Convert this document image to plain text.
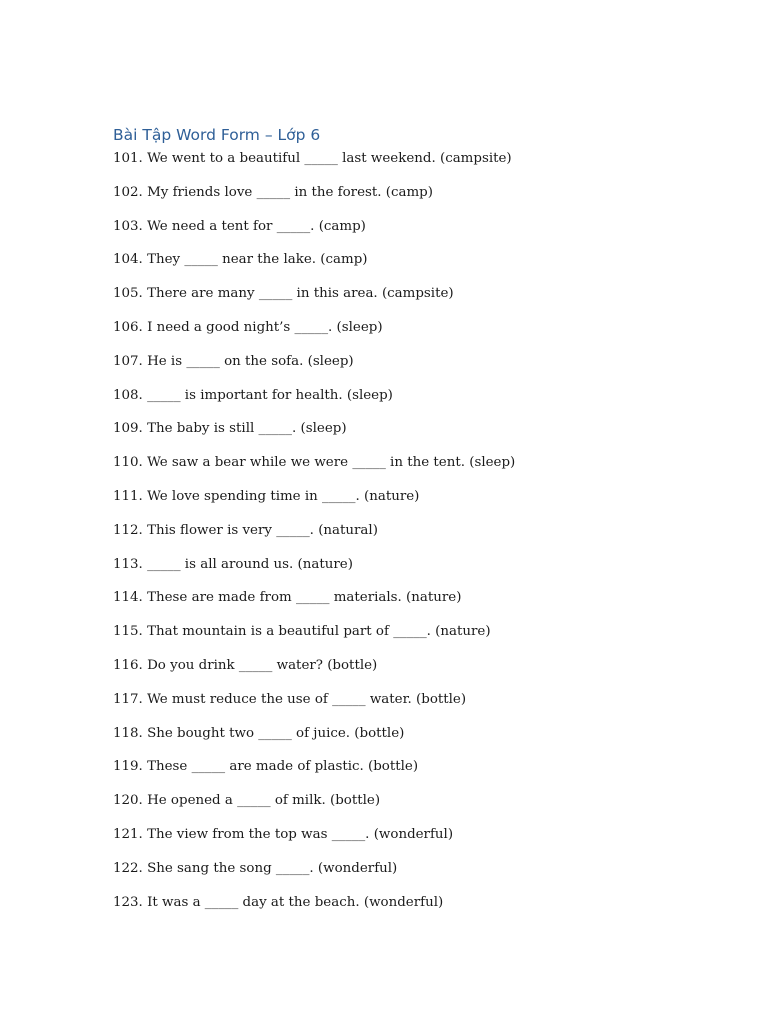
Bài Tập Word Form – Lớp 6
101. We went to a beautiful _____ last weekend. (campsite)
102. My friends love _____ in the forest. (camp)
103. We need a tent for _____. (camp)
104. They _____ near the lake. (camp)
105. There are many _____ in this area. (campsite)
106. I need a good night’s _____. (sleep)
107. He is _____ on the sofa. (sleep)
108. _____ is important for health. (sleep)
109. The baby is still _____. (sleep)
110. We saw a bear while we were _____ in the tent. (sleep)
111. We love spending time in _____. (nature)
112. This flower is very _____. (natural)
113. _____ is all around us. (nature)
114. These are made from _____ materials. (nature)
115. That mountain is a beautiful part of _____. (nature)
116. Do you drink _____ water? (bottle)
117. We must reduce the use of _____ water. (bottle)
118. She bought two _____ of juice. (bottle)
119. These _____ are made of plastic. (bottle)
120. He opened a _____ of milk. (bottle)
121. The view from the top was _____. (wonderful)
122. She sang the song _____. (wonderful)
123. It was a _____ day at the beach. (wonderful)
